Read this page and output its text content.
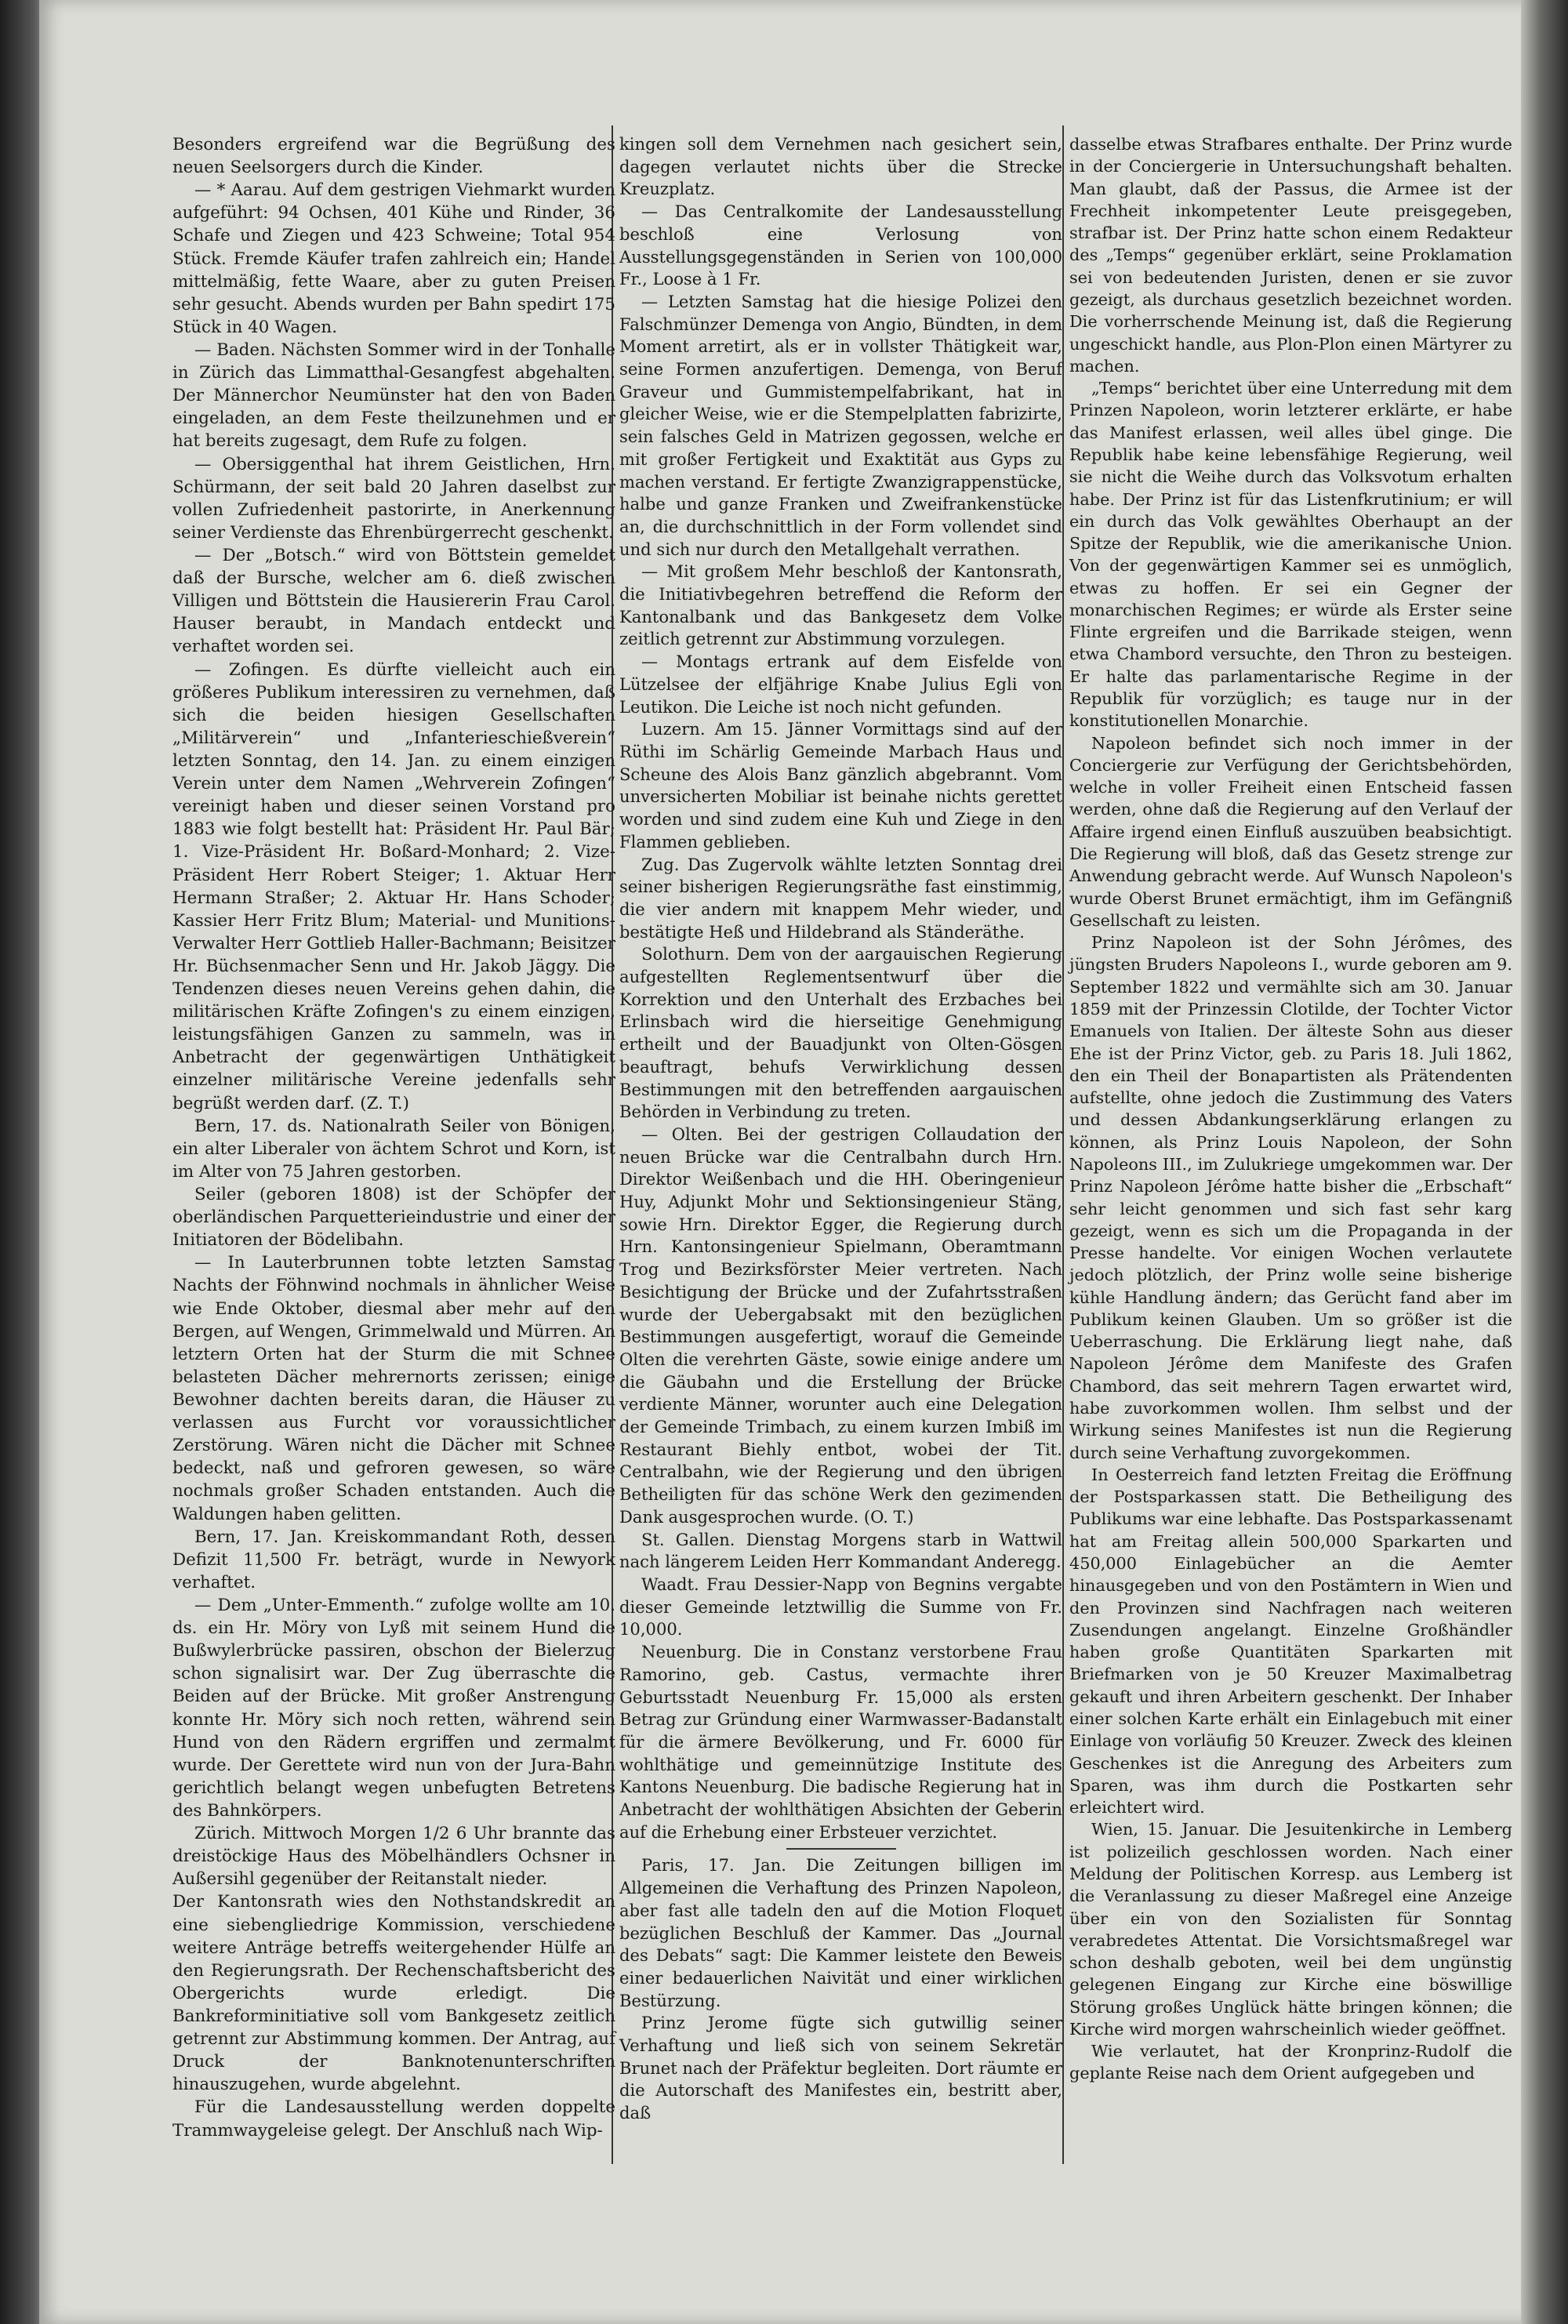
Besonders ergreifend war die Begrüßung des neuen Seelsorgers durch die Kinder.

— * Aarau. Auf dem gestrigen Viehmarkt wurden aufgeführt: 94 Ochsen, 401 Kühe und Rinder, 36 Schafe und Ziegen und 423 Schweine; Total 954 Stück. Fremde Käufer trafen zahlreich ein; Handel mittelmäßig, fette Waare, aber zu guten Preisen sehr gesucht. Abends wurden per Bahn spedirt 175 Stück in 40 Wagen.

— Baden. Nächsten Sommer wird in der Tonhalle in Zürich das Limmatthal-Gesangfest abgehalten. Der Männerchor Neumünster hat den von Baden eingeladen, an dem Feste theilzunehmen und er hat bereits zugesagt, dem Rufe zu folgen.

— Obersiggenthal hat ihrem Geistlichen, Hrn. Schürmann, der seit bald 20 Jahren daselbst zur vollen Zufriedenheit pastorirte, in Anerkennung seiner Verdienste das Ehrenbürgerrecht geschenkt.

— Der „Botsch.“ wird von Böttstein gemeldet daß der Bursche, welcher am 6. dieß zwischen Villigen und Böttstein die Hausiererin Frau Carol. Hauser beraubt, in Mandach entdeckt und verhaftet worden sei.

— Zofingen. Es dürfte vielleicht auch ein größeres Publikum interessiren zu vernehmen, daß sich die beiden hiesigen Gesellschaften „Militärverein“ und „Infanterieschießverein“ letzten Sonntag, den 14. Jan. zu einem einzigen Verein unter dem Namen „Wehrverein Zofingen“ vereinigt haben und dieser seinen Vorstand pro 1883 wie folgt bestellt hat: Präsident Hr. Paul Bär; 1. Vize-Präsident Hr. Boßard-Monhard; 2. Vize-Präsident Herr Robert Steiger; 1. Aktuar Herr Hermann Straßer; 2. Aktuar Hr. Hans Schoder; Kassier Herr Fritz Blum; Material- und Munitions-Verwalter Herr Gottlieb Haller-Bachmann; Beisitzer Hr. Büchsenmacher Senn und Hr. Jakob Jäggy. Die Tendenzen dieses neuen Vereins gehen dahin, die militärischen Kräfte Zofingen's zu einem einzigen, leistungsfähigen Ganzen zu sammeln, was in Anbetracht der gegenwärtigen Unthätigkeit einzelner militärische Vereine jedenfalls sehr begrüßt werden darf. (Z. T.)

Bern, 17. ds. Nationalrath Seiler von Bönigen, ein alter Liberaler von ächtem Schrot und Korn, ist im Alter von 75 Jahren gestorben.

Seiler (geboren 1808) ist der Schöpfer der oberländischen Parquetterieindustrie und einer der Initiatoren der Bödelibahn.

— In Lauterbrunnen tobte letzten Samstag Nachts der Föhnwind nochmals in ähnlicher Weise wie Ende Oktober, diesmal aber mehr auf den Bergen, auf Wengen, Grimmelwald und Mürren. An letztern Orten hat der Sturm die mit Schnee belasteten Dächer mehrernorts zerissen; einige Bewohner dachten bereits daran, die Häuser zu verlassen aus Furcht vor voraussichtlicher Zerstörung. Wären nicht die Dächer mit Schnee bedeckt, naß und gefroren gewesen, so wäre nochmals großer Schaden entstanden. Auch die Waldungen haben gelitten.

Bern, 17. Jan. Kreiskommandant Roth, dessen Defizit 11,500 Fr. beträgt, wurde in Newyork verhaftet.

— Dem „Unter-Emmenth.“ zufolge wollte am 10. ds. ein Hr. Möry von Lyß mit seinem Hund die Bußwylerbrücke passiren, obschon der Bielerzug schon signalisirt war. Der Zug überraschte die Beiden auf der Brücke. Mit großer Anstrengung konnte Hr. Möry sich noch retten, während sein Hund von den Rädern ergriffen und zermalmt wurde. Der Gerettete wird nun von der Jura-Bahn gerichtlich belangt wegen unbefugten Betretens des Bahnkörpers.

Zürich. Mittwoch Morgen 1/2 6 Uhr brannte das dreistöckige Haus des Möbelhändlers Ochsner in Außersihl gegenüber der Reitanstalt nieder.

Der Kantonsrath wies den Nothstandskredit an eine siebengliedrige Kommission, verschiedene weitere Anträge betreffs weitergehender Hülfe an den Regierungsrath. Der Rechenschaftsbericht des Obergerichts wurde erledigt. Die Bankreforminitiative soll vom Bankgesetz zeitlich getrennt zur Abstimmung kommen. Der Antrag, auf Druck der Banknotenunterschriften hinauszugehen, wurde abgelehnt.

Für die Landesausstellung werden doppelte Trammwaygeleise gelegt. Der Anschluß nach Wip-

kingen soll dem Vernehmen nach gesichert sein, dagegen verlautet nichts über die Strecke Kreuzplatz.

— Das Centralkomite der Landesausstellung beschloß eine Verlosung von Ausstellungsgegenständen in Serien von 100,000 Fr., Loose à 1 Fr.

— Letzten Samstag hat die hiesige Polizei den Falschmünzer Demenga von Angio, Bündten, in dem Moment arretirt, als er in vollster Thätigkeit war, seine Formen anzufertigen. Demenga, von Beruf Graveur und Gummistempelfabrikant, hat in gleicher Weise, wie er die Stempelplatten fabrizirte, sein falsches Geld in Matrizen gegossen, welche er mit großer Fertigkeit und Exaktität aus Gyps zu machen verstand. Er fertigte Zwanzigrappenstücke, halbe und ganze Franken und Zweifrankenstücke an, die durchschnittlich in der Form vollendet sind und sich nur durch den Metallgehalt verrathen.

— Mit großem Mehr beschloß der Kantonsrath, die Initiativbegehren betreffend die Reform der Kantonalbank und das Bankgesetz dem Volke zeitlich getrennt zur Abstimmung vorzulegen.

— Montags ertrank auf dem Eisfelde von Lützelsee der elfjährige Knabe Julius Egli von Leutikon. Die Leiche ist noch nicht gefunden.

Luzern. Am 15. Jänner Vormittags sind auf der Rüthi im Schärlig Gemeinde Marbach Haus und Scheune des Alois Banz gänzlich abgebrannt. Vom unversicherten Mobiliar ist beinahe nichts gerettet worden und sind zudem eine Kuh und Ziege in den Flammen geblieben.

Zug. Das Zugervolk wählte letzten Sonntag drei seiner bisherigen Regierungsräthe fast einstimmig, die vier andern mit knappem Mehr wieder, und bestätigte Heß und Hildebrand als Ständeräthe.

Solothurn. Dem von der aargauischen Regierung aufgestellten Reglementsentwurf über die Korrektion und den Unterhalt des Erzbaches bei Erlinsbach wird die hierseitige Genehmigung ertheilt und der Bauadjunkt von Olten-Gösgen beauftragt, behufs Verwirklichung dessen Bestimmungen mit den betreffenden aargauischen Behörden in Verbindung zu treten.

— Olten. Bei der gestrigen Collaudation der neuen Brücke war die Centralbahn durch Hrn. Direktor Weißenbach und die HH. Oberingenieur Huy, Adjunkt Mohr und Sektionsingenieur Stäng, sowie Hrn. Direktor Egger, die Regierung durch Hrn. Kantonsingenieur Spielmann, Oberamtmann Trog und Bezirksförster Meier vertreten. Nach Besichtigung der Brücke und der Zufahrtsstraßen wurde der Uebergabsakt mit den bezüglichen Bestimmungen ausgefertigt, worauf die Gemeinde Olten die verehrten Gäste, sowie einige andere um die Gäubahn und die Erstellung der Brücke verdiente Männer, worunter auch eine Delegation der Gemeinde Trimbach, zu einem kurzen Imbiß im Restaurant Biehly entbot, wobei der Tit. Centralbahn, wie der Regierung und den übrigen Betheiligten für das schöne Werk den gezimenden Dank ausgesprochen wurde. (O. T.)

St. Gallen. Dienstag Morgens starb in Wattwil nach längerem Leiden Herr Kommandant Anderegg.

Waadt. Frau Dessier-Napp von Begnins vergabte dieser Gemeinde letztwillig die Summe von Fr. 10,000.

Neuenburg. Die in Constanz verstorbene Frau Ramorino, geb. Castus, vermachte ihrer Geburtsstadt Neuenburg Fr. 15,000 als ersten Betrag zur Gründung einer Warmwasser-Badanstalt für die ärmere Bevölkerung, und Fr. 6000 für wohlthätige und gemeinnützige Institute des Kantons Neuenburg. Die badische Regierung hat in Anbetracht der wohlthätigen Absichten der Geberin auf die Erhebung einer Erbsteuer verzichtet.

Paris, 17. Jan. Die Zeitungen billigen im Allgemeinen die Verhaftung des Prinzen Napoleon, aber fast alle tadeln den auf die Motion Floquet bezüglichen Beschluß der Kammer. Das „Journal des Debats“ sagt: Die Kammer leistete den Beweis einer bedauerlichen Naivität und einer wirklichen Bestürzung.

Prinz Jerome fügte sich gutwillig seiner Verhaftung und ließ sich von seinem Sekretär Brunet nach der Präfektur begleiten. Dort räumte er die Autorschaft des Manifestes ein, bestritt aber, daß

dasselbe etwas Strafbares enthalte. Der Prinz wurde in der Conciergerie in Untersuchungshaft behalten. Man glaubt, daß der Passus, die Armee ist der Frechheit inkompetenter Leute preisgegeben, strafbar ist. Der Prinz hatte schon einem Redakteur des „Temps“ gegenüber erklärt, seine Proklamation sei von bedeutenden Juristen, denen er sie zuvor gezeigt, als durchaus gesetzlich bezeichnet worden. Die vorherrschende Meinung ist, daß die Regierung ungeschickt handle, aus Plon-Plon einen Märtyrer zu machen.

„Temps“ berichtet über eine Unterredung mit dem Prinzen Napoleon, worin letzterer erklärte, er habe das Manifest erlassen, weil alles übel ginge. Die Republik habe keine lebensfähige Regierung, weil sie nicht die Weihe durch das Volksvotum erhalten habe. Der Prinz ist für das Listenfkrutinium; er will ein durch das Volk gewähltes Oberhaupt an der Spitze der Republik, wie die amerikanische Union. Von der gegenwärtigen Kammer sei es unmöglich, etwas zu hoffen. Er sei ein Gegner der monarchischen Regimes; er würde als Erster seine Flinte ergreifen und die Barrikade steigen, wenn etwa Chambord versuchte, den Thron zu besteigen. Er halte das parlamentarische Regime in der Republik für vorzüglich; es tauge nur in der konstitutionellen Monarchie.

Napoleon befindet sich noch immer in der Conciergerie zur Verfügung der Gerichtsbehörden, welche in voller Freiheit einen Entscheid fassen werden, ohne daß die Regierung auf den Verlauf der Affaire irgend einen Einfluß auszuüben beabsichtigt. Die Regierung will bloß, daß das Gesetz strenge zur Anwendung gebracht werde. Auf Wunsch Napoleon's wurde Oberst Brunet ermächtigt, ihm im Gefängniß Gesellschaft zu leisten.

Prinz Napoleon ist der Sohn Jérômes, des jüngsten Bruders Napoleons I., wurde geboren am 9. September 1822 und vermählte sich am 30. Januar 1859 mit der Prinzessin Clotilde, der Tochter Victor Emanuels von Italien. Der älteste Sohn aus dieser Ehe ist der Prinz Victor, geb. zu Paris 18. Juli 1862, den ein Theil der Bonapartisten als Prätendenten aufstellte, ohne jedoch die Zustimmung des Vaters und dessen Abdankungserklärung erlangen zu können, als Prinz Louis Napoleon, der Sohn Napoleons III., im Zulukriege umgekommen war. Der Prinz Napoleon Jérôme hatte bisher die „Erbschaft“ sehr leicht genommen und sich fast sehr karg gezeigt, wenn es sich um die Propaganda in der Presse handelte. Vor einigen Wochen verlautete jedoch plötzlich, der Prinz wolle seine bisherige kühle Handlung ändern; das Gerücht fand aber im Publikum keinen Glauben. Um so größer ist die Ueberraschung. Die Erklärung liegt nahe, daß Napoleon Jérôme dem Manifeste des Grafen Chambord, das seit mehrern Tagen erwartet wird, habe zuvorkommen wollen. Ihm selbst und der Wirkung seines Manifestes ist nun die Regierung durch seine Verhaftung zuvorgekommen.

In Oesterreich fand letzten Freitag die Eröffnung der Postsparkassen statt. Die Betheiligung des Publikums war eine lebhafte. Das Postsparkassenamt hat am Freitag allein 500,000 Sparkarten und 450,000 Einlagebücher an die Aemter hinausgegeben und von den Postämtern in Wien und den Provinzen sind Nachfragen nach weiteren Zusendungen angelangt. Einzelne Großhändler haben große Quantitäten Sparkarten mit Briefmarken von je 50 Kreuzer Maximalbetrag gekauft und ihren Arbeitern geschenkt. Der Inhaber einer solchen Karte erhält ein Einlagebuch mit einer Einlage von vorläufig 50 Kreuzer. Zweck des kleinen Geschenkes ist die Anregung des Arbeiters zum Sparen, was ihm durch die Postkarten sehr erleichtert wird.

Wien, 15. Januar. Die Jesuitenkirche in Lemberg ist polizeilich geschlossen worden. Nach einer Meldung der Politischen Korresp. aus Lemberg ist die Veranlassung zu dieser Maßregel eine Anzeige über ein von den Sozialisten für Sonntag verabredetes Attentat. Die Vorsichtsmaßregel war schon deshalb geboten, weil bei dem ungünstig gelegenen Eingang zur Kirche eine böswillige Störung großes Unglück hätte bringen können; die Kirche wird morgen wahrscheinlich wieder geöffnet.

Wie verlautet, hat der Kronprinz-Rudolf die geplante Reise nach dem Orient aufgegeben und
